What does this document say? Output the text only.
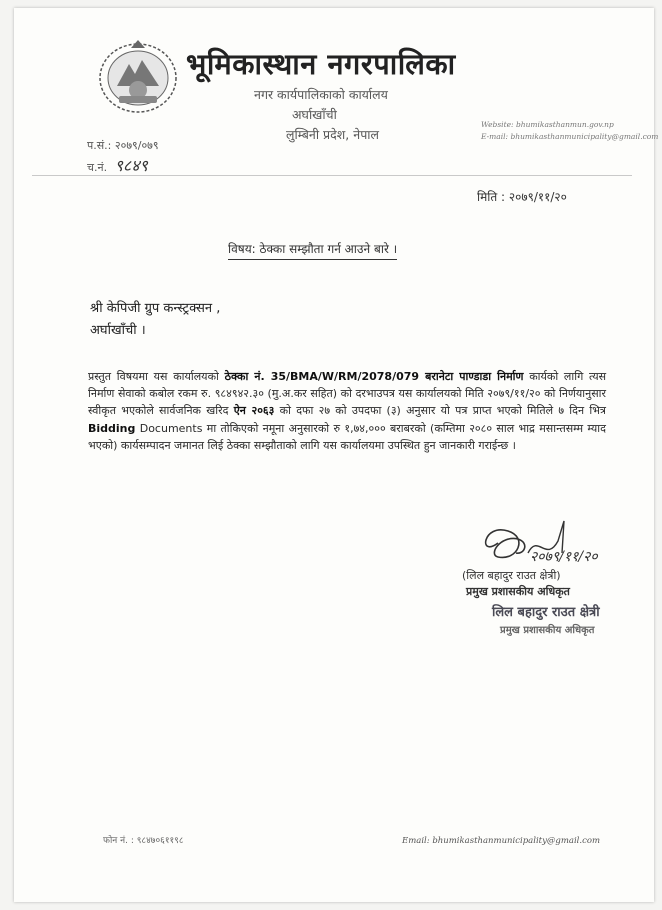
भूमिकास्थान नगरपालिका
नगर कार्यपालिकाको कार्यालय
अर्घाखाँची
लुम्बिनी प्रदेश, नेपाल
Website: bhumikasthanmun.gov.np
E-mail: bhumikasthanmunicipality@gmail.com
प.सं.: २०७९/०७९
च.नं. ९८४९
मिति : २०७९/११/२०
विषय: ठेक्का सम्झौता गर्न आउने बारे ।
श्री केपिजी ग्रुप कन्स्ट्रक्सन ,
अर्घाखाँची ।
प्रस्तुत विषयमा यस कार्यालयको ठेक्का नं. 35/BMA/W/RM/2078/079 बरानेटा पाण्डाडा निर्माण कार्यको लागि त्यस निर्माण सेवाको कबोल रकम रु. ९८४९४२.३० (मु.अ.कर सहित) को दरभाउपत्र यस कार्यालयको मिति २०७९/११/२० को निर्णयानुसार स्वीकृत भएकोले सार्वजनिक खरिद ऐन २०६३ को दफा २७ को उपदफा (३) अनुसार यो पत्र प्राप्त भएको मितिले ७ दिन भित्र Bidding Documents मा तोकिएको नमूना अनुसारको रु १,७४,००० बराबरको (कम्तिमा २०८० साल भाद्र मसान्तसम्म म्याद भएको) कार्यसम्पादन जमानत लिई ठेक्का सम्झौताको लागि यस कार्यालयमा उपस्थित हुन जानकारी गराईन्छ ।
२०७९/११/२०
(लिल बहादुर राउत क्षेत्री)
प्रमुख प्रशासकीय अधिकृत
लिल बहादुर राउत क्षेत्री
प्रमुख प्रशासकीय अधिकृत
फोन नं. : ९८४७०६११९८	Email: bhumikasthanmunicipality@gmail.com
